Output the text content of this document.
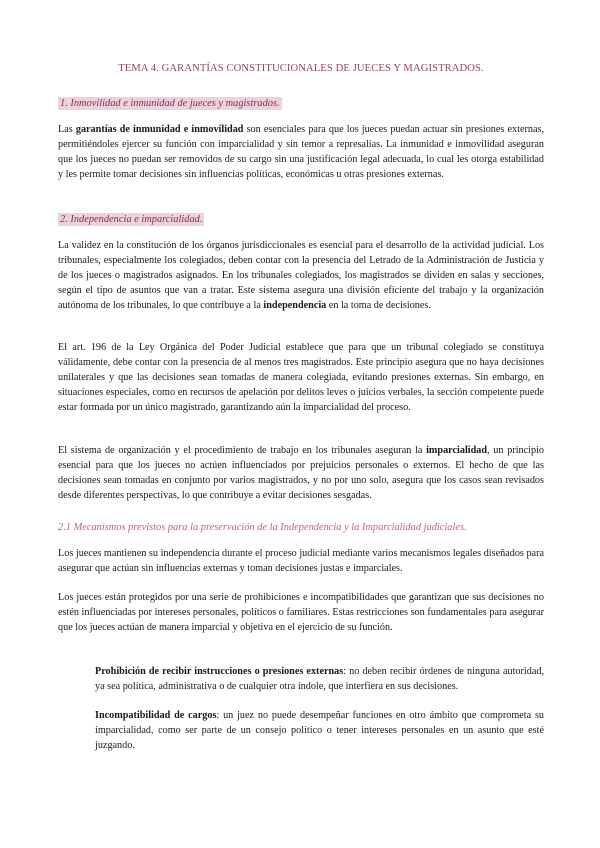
TEMA 4. GARANTÍAS CONSTITUCIONALES DE JUECES Y MAGISTRADOS.
1. Inmovilidad e inmunidad de jueces y magistrados.

Las garantías de inmunidad e inmovilidad son esenciales para que los jueces puedan actuar sin presiones externas, permitiéndoles ejercer su función con imparcialidad y sin temor a represalias. La inmunidad e inmovilidad aseguran que los jueces no puedan ser removidos de su cargo sin una justificación legal adecuada, lo cual les otorga estabilidad y les permite tomar decisiones sin influencias políticas, económicas u otras presiones externas.

2. Independencia e imparcialidad.

La validez en la constitución de los órganos jurisdiccionales es esencial para el desarrollo de la actividad judicial. Los tribunales, especialmente los colegiados, deben contar con la presencia del Letrado de la Administración de Justicia y de los jueces o magistrados asignados. En los tribunales colegiados, los magistrados se dividen en salas y secciones, según el tipo de asuntos que van a tratar. Este sistema asegura una división eficiente del trabajo y la organización autónoma de los tribunales, lo que contribuye a la independencia en la toma de decisiones.

El art. 196 de la Ley Orgánica del Poder Judicial establece que para que un tribunal colegiado se constituya válidamente, debe contar con la presencia de al menos tres magistrados. Este principio asegura que no haya decisiones unilaterales y que las decisiones sean tomadas de manera colegiada, evitando presiones externas. Sin embargo, en situaciones especiales, como en recursos de apelación por delitos leves o juicios verbales, la sección competente puede estar formada por un único magistrado, garantizando aún la imparcialidad del proceso.

El sistema de organización y el procedimiento de trabajo en los tribunales aseguran la imparcialidad, un principio esencial para que los jueces no actúen influenciados por prejuicios personales o externos. El hecho de que las decisiones sean tomadas en conjunto por varios magistrados, y no por uno solo, asegura que los casos sean revisados desde diferentes perspectivas, lo que contribuye a evitar decisiones sesgadas.

2.1 Mecanismos previstos para la preservación de la Independencia y la Imparcialidad judiciales.

Los jueces mantienen su independencia durante el proceso judicial mediante varios mecanismos legales diseñados para asegurar que actúan sin influencias externas y toman decisiones justas e imparciales.

Los jueces están protegidos por una serie de prohibiciones e incompatibilidades que garantizan que sus decisiones no estén influenciadas por intereses personales, políticos o familiares. Estas restricciones son fundamentales para asegurar que los jueces actúan de manera imparcial y objetiva en el ejercicio de su función.

Prohibición de recibir instrucciones o presiones externas: no deben recibir órdenes de ninguna autoridad, ya sea política, administrativa o de cualquier otra índole, que interfiera en sus decisiones.

Incompatibilidad de cargos: un juez no puede desempeñar funciones en otro ámbito que comprometa su imparcialidad, como ser parte de un consejo político o tener intereses personales en un asunto que esté juzgando.
